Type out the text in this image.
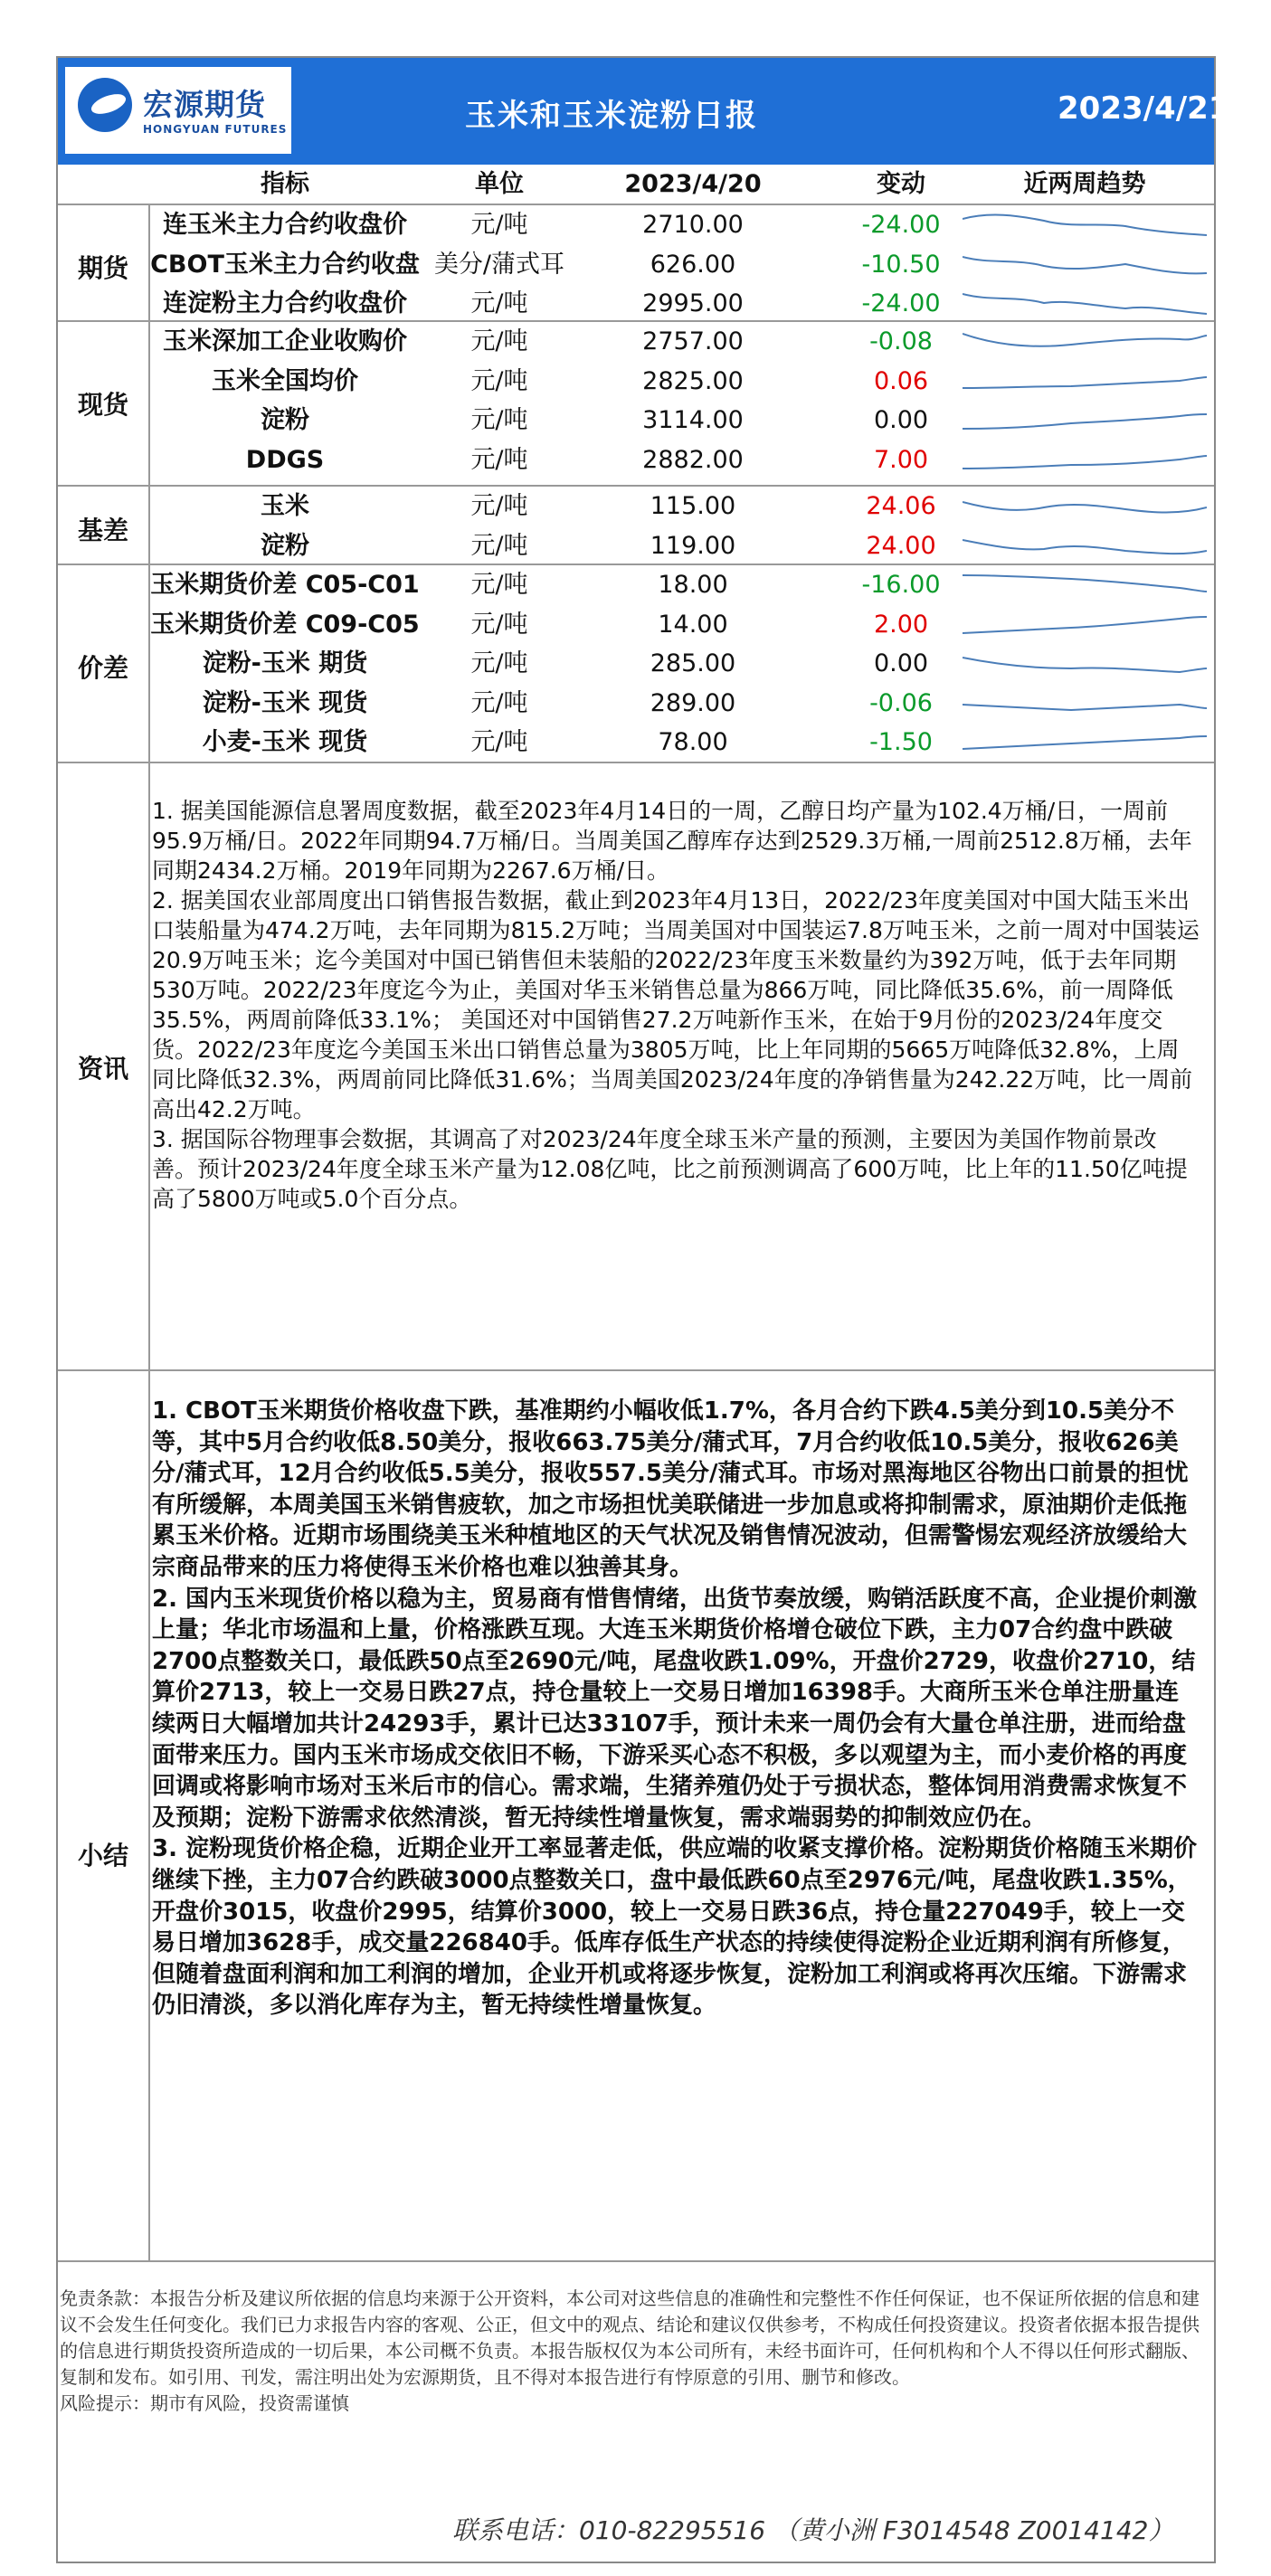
宏源期货
HONGYUAN FUTURES	玉米和玉米淀粉日报	2023/4/21
指标	单位	2023/4/20	变动	近两周趋势
期货
连玉米主力合约收盘价	元/吨	2710.00	-24.00
CBOT玉米主力合约收盘 美分/蒲式耳	626.00	-10.50
连淀粉主力合约收盘价	元/吨	2995.00	-24.00
现货
玉米深加工企业收购价	元/吨	2757.00	-0.08
玉米全国均价	元/吨	2825.00	0.06
淀粉	元/吨	3114.00	0.00
DDGS	元/吨	2882.00	7.00
基差
玉米	元/吨	115.00	24.06
淀粉	元/吨	119.00	24.00
价差
玉米期货价差 C05-C01	元/吨	18.00	-16.00
玉米期货价差 C09-C05	元/吨	14.00	2.00
淀粉-玉米 期货	元/吨	285.00	0.00
淀粉-玉米 现货	元/吨	289.00	-0.06
小麦-玉米 现货	元/吨	78.00	-1.50
资讯

1. 据美国能源信息署周度数据，截至2023年4月14日的一周，乙醇日均产量为102.4万桶/日，一周前95.9万桶/日。2022年同期94.7万桶/日。当周美国乙醇库存达到2529.3万桶,一周前2512.8万桶，去年同期2434.2万桶。2019年同期为2267.6万桶/日。

2. 据美国农业部周度出口销售报告数据，截止到2023年4月13日，2022/23年度美国对中国大陆玉米出口装船量为474.2万吨，去年同期为815.2万吨；当周美国对中国装运7.8万吨玉米，之前一周对中国装运20.9万吨玉米；迄今美国对中国已销售但未装船的2022/23年度玉米数量约为392万吨，低于去年同期530万吨。2022/23年度迄今为止，美国对华玉米销售总量为866万吨，同比降低35.6%，前一周降低35.5%，两周前降低33.1%； 美国还对中国销售27.2万吨新作玉米，在始于9月份的2023/24年度交货。2022/23年度迄今美国玉米出口销售总量为3805万吨，比上年同期的5665万吨降低32.8%，上周同比降低32.3%，两周前同比降低31.6%；当周美国2023/24年度的净销售量为242.22万吨，比一周前高出42.2万吨。

3. 据国际谷物理事会数据，其调高了对2023/24年度全球玉米产量的预测，主要因为美国作物前景改善。预计2023/24年度全球玉米产量为12.08亿吨，比之前预测调高了600万吨，比上年的11.50亿吨提高了5800万吨或5.0个百分点。

小结

1. CBOT玉米期货价格收盘下跌，基准期约小幅收低1.7%，各月合约下跌4.5美分到10.5美分不等，其中5月合约收低8.50美分，报收663.75美分/蒲式耳，7月合约收低10.5美分，报收626美分/蒲式耳，12月合约收低5.5美分，报收557.5美分/蒲式耳。市场对黑海地区谷物出口前景的担忧有所缓解，本周美国玉米销售疲软，加之市场担忧美联储进一步加息或将抑制需求，原油期价走低拖累玉米价格。近期市场围绕美玉米种植地区的天气状况及销售情况波动，但需警惕宏观经济放缓给大宗商品带来的压力将使得玉米价格也难以独善其身。

2. 国内玉米现货价格以稳为主，贸易商有惜售情绪，出货节奏放缓，购销活跃度不高，企业提价刺激上量；华北市场温和上量，价格涨跌互现。大连玉米期货价格增仓破位下跌，主力07合约盘中跌破2700点整数关口，最低跌50点至2690元/吨，尾盘收跌1.09%，开盘价2729，收盘价2710，结算价2713，较上一交易日跌27点，持仓量较上一交易日增加16398手。大商所玉米仓单注册量连续两日大幅增加共计24293手，累计已达33107手，预计未来一周仍会有大量仓单注册，进而给盘面带来压力。国内玉米市场成交依旧不畅，下游采买心态不积极，多以观望为主，而小麦价格的再度回调或将影响市场对玉米后市的信心。需求端，生猪养殖仍处于亏损状态，整体饲用消费需求恢复不及预期；淀粉下游需求依然清淡，暂无持续性增量恢复，需求端弱势的抑制效应仍在。

3. 淀粉现货价格企稳，近期企业开工率显著走低，供应端的收紧支撑价格。淀粉期货价格随玉米期价继续下挫，主力07合约跌破3000点整数关口，盘中最低跌60点至2976元/吨，尾盘收跌1.35%，开盘价3015，收盘价2995，结算价3000，较上一交易日跌36点，持仓量227049手，较上一交易日增加3628手，成交量226840手。低库存低生产状态的持续使得淀粉企业近期利润有所修复，但随着盘面利润和加工利润的增加，企业开机或将逐步恢复，淀粉加工利润或将再次压缩。下游需求仍旧清淡，多以消化库存为主，暂无持续性增量恢复。

免责条款：本报告分析及建议所依据的信息均来源于公开资料，本公司对这些信息的准确性和完整性不作任何保证，也不保证所依据的信息和建议不会发生任何变化。我们已力求报告内容的客观、公正，但文中的观点、结论和建议仅供参考，不构成任何投资建议。投资者依据本报告提供的信息进行期货投资所造成的一切后果，本公司概不负责。本报告版权仅为本公司所有，未经书面许可，任何机构和个人不得以任何形式翻版、复制和发布。如引用、刊发，需注明出处为宏源期货，且不得对本报告进行有悖原意的引用、删节和修改。

风险提示：期市有风险，投资需谨慎

联系电话：010-82295516 （黄小洲 F3014548 Z0014142）
